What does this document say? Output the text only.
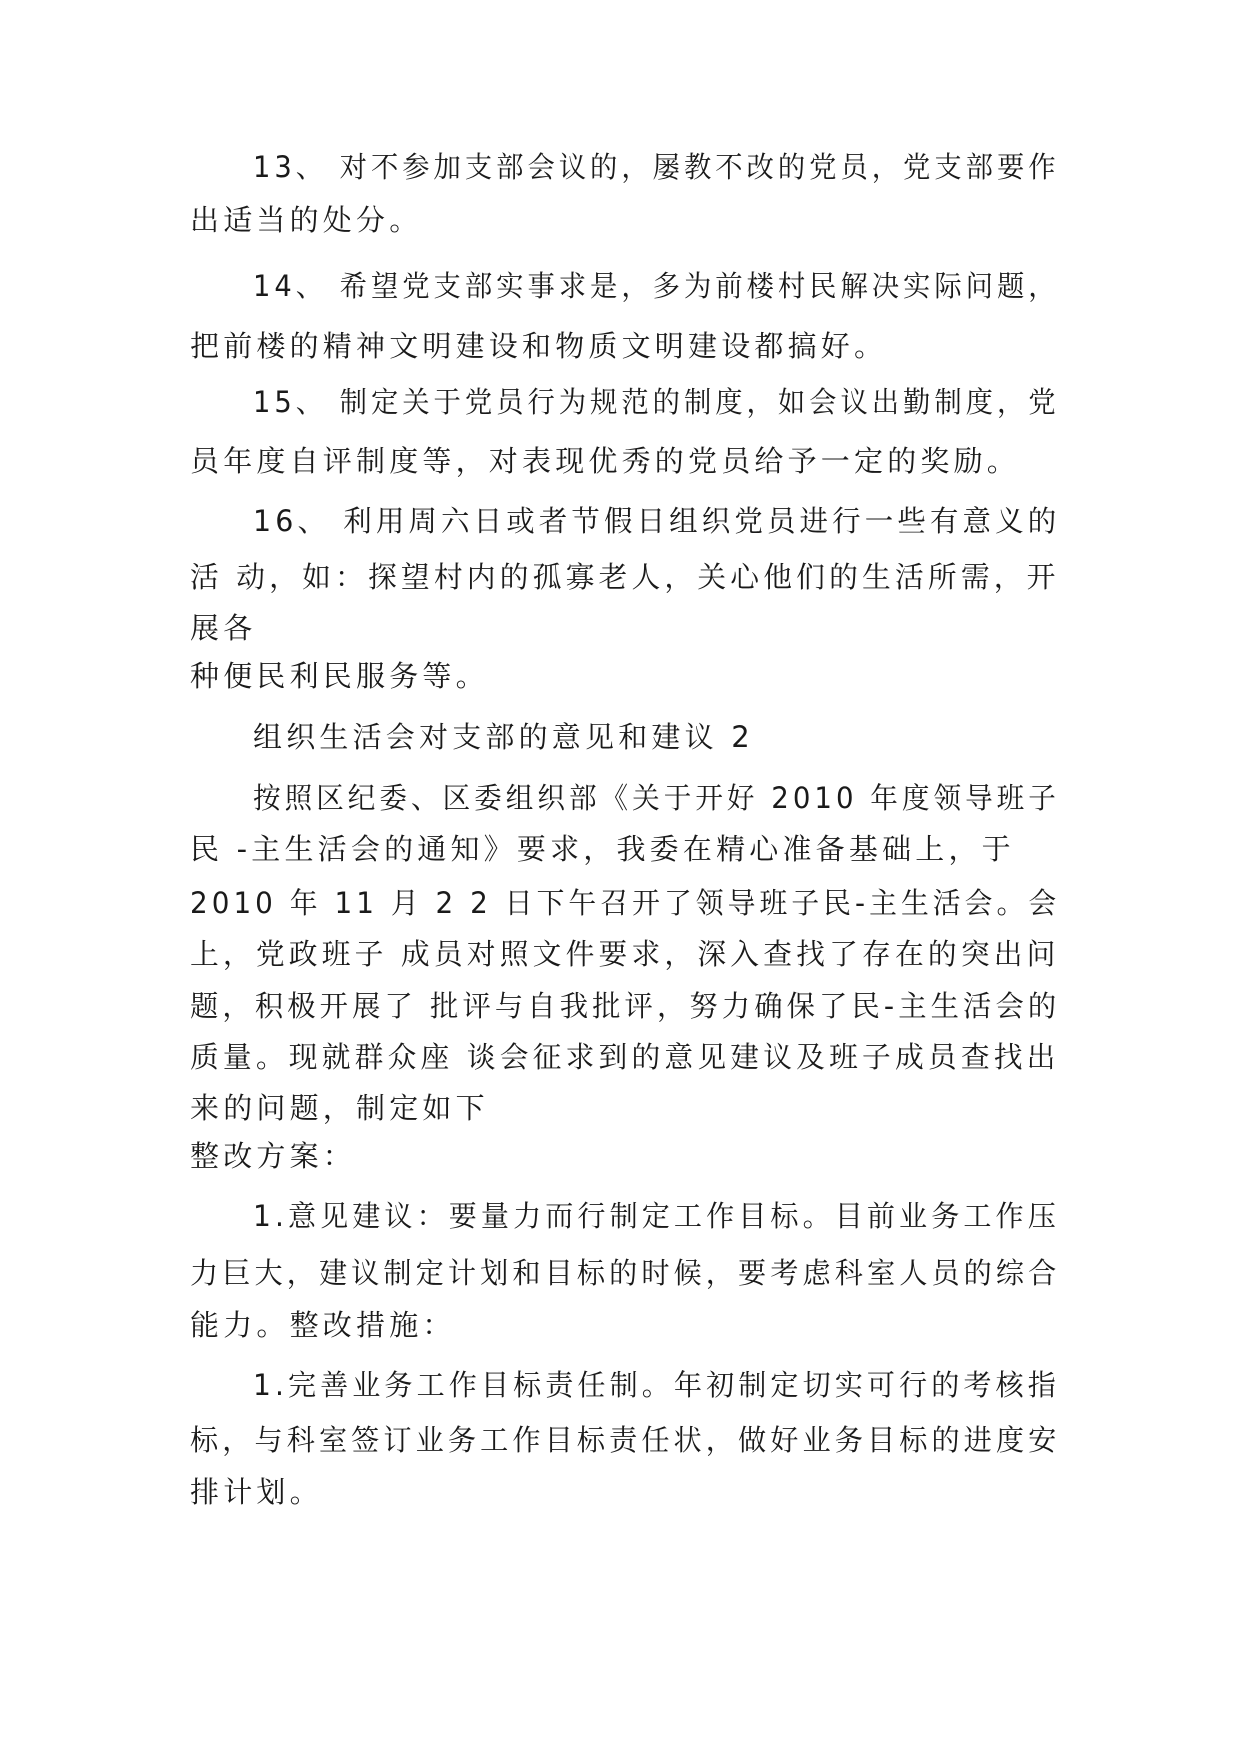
13、 对不参加支部会议的，屡教不改的党员，党支部要作
出适当的处分。
14、 希望党支部实事求是，多为前楼村民解决实际问题，
把前楼的精神文明建设和物质文明建设都搞好。
15、 制定关于党员行为规范的制度，如会议出勤制度，党
员年度自评制度等，对表现优秀的党员给予一定的奖励。
16、 利用周六日或者节假日组织党员进行一些有意义的
活 动，如：探望村内的孤寡老人，关心他们的生活所需，开
展各
种便民利民服务等。
组织生活会对支部的意见和建议 2
按照区纪委、区委组织部《关于开好 2010 年度领导班子
民 -主生活会的通知》要求，我委在精心准备基础上，于
2010 年 11 月 2 2 日下午召开了领导班子民-主生活会。会
上，党政班子 成员对照文件要求，深入查找了存在的突出问
题，积极开展了 批评与自我批评，努力确保了民-主生活会的
质量。现就群众座 谈会征求到的意见建议及班子成员查找出
来的问题，制定如下
整改方案：
1.意见建议：要量力而行制定工作目标。目前业务工作压
力巨大，建议制定计划和目标的时候，要考虑科室人员的综合
能力。整改措施：
1.完善业务工作目标责任制。年初制定切实可行的考核指
标，与科室签订业务工作目标责任状，做好业务目标的进度安
排计划。
